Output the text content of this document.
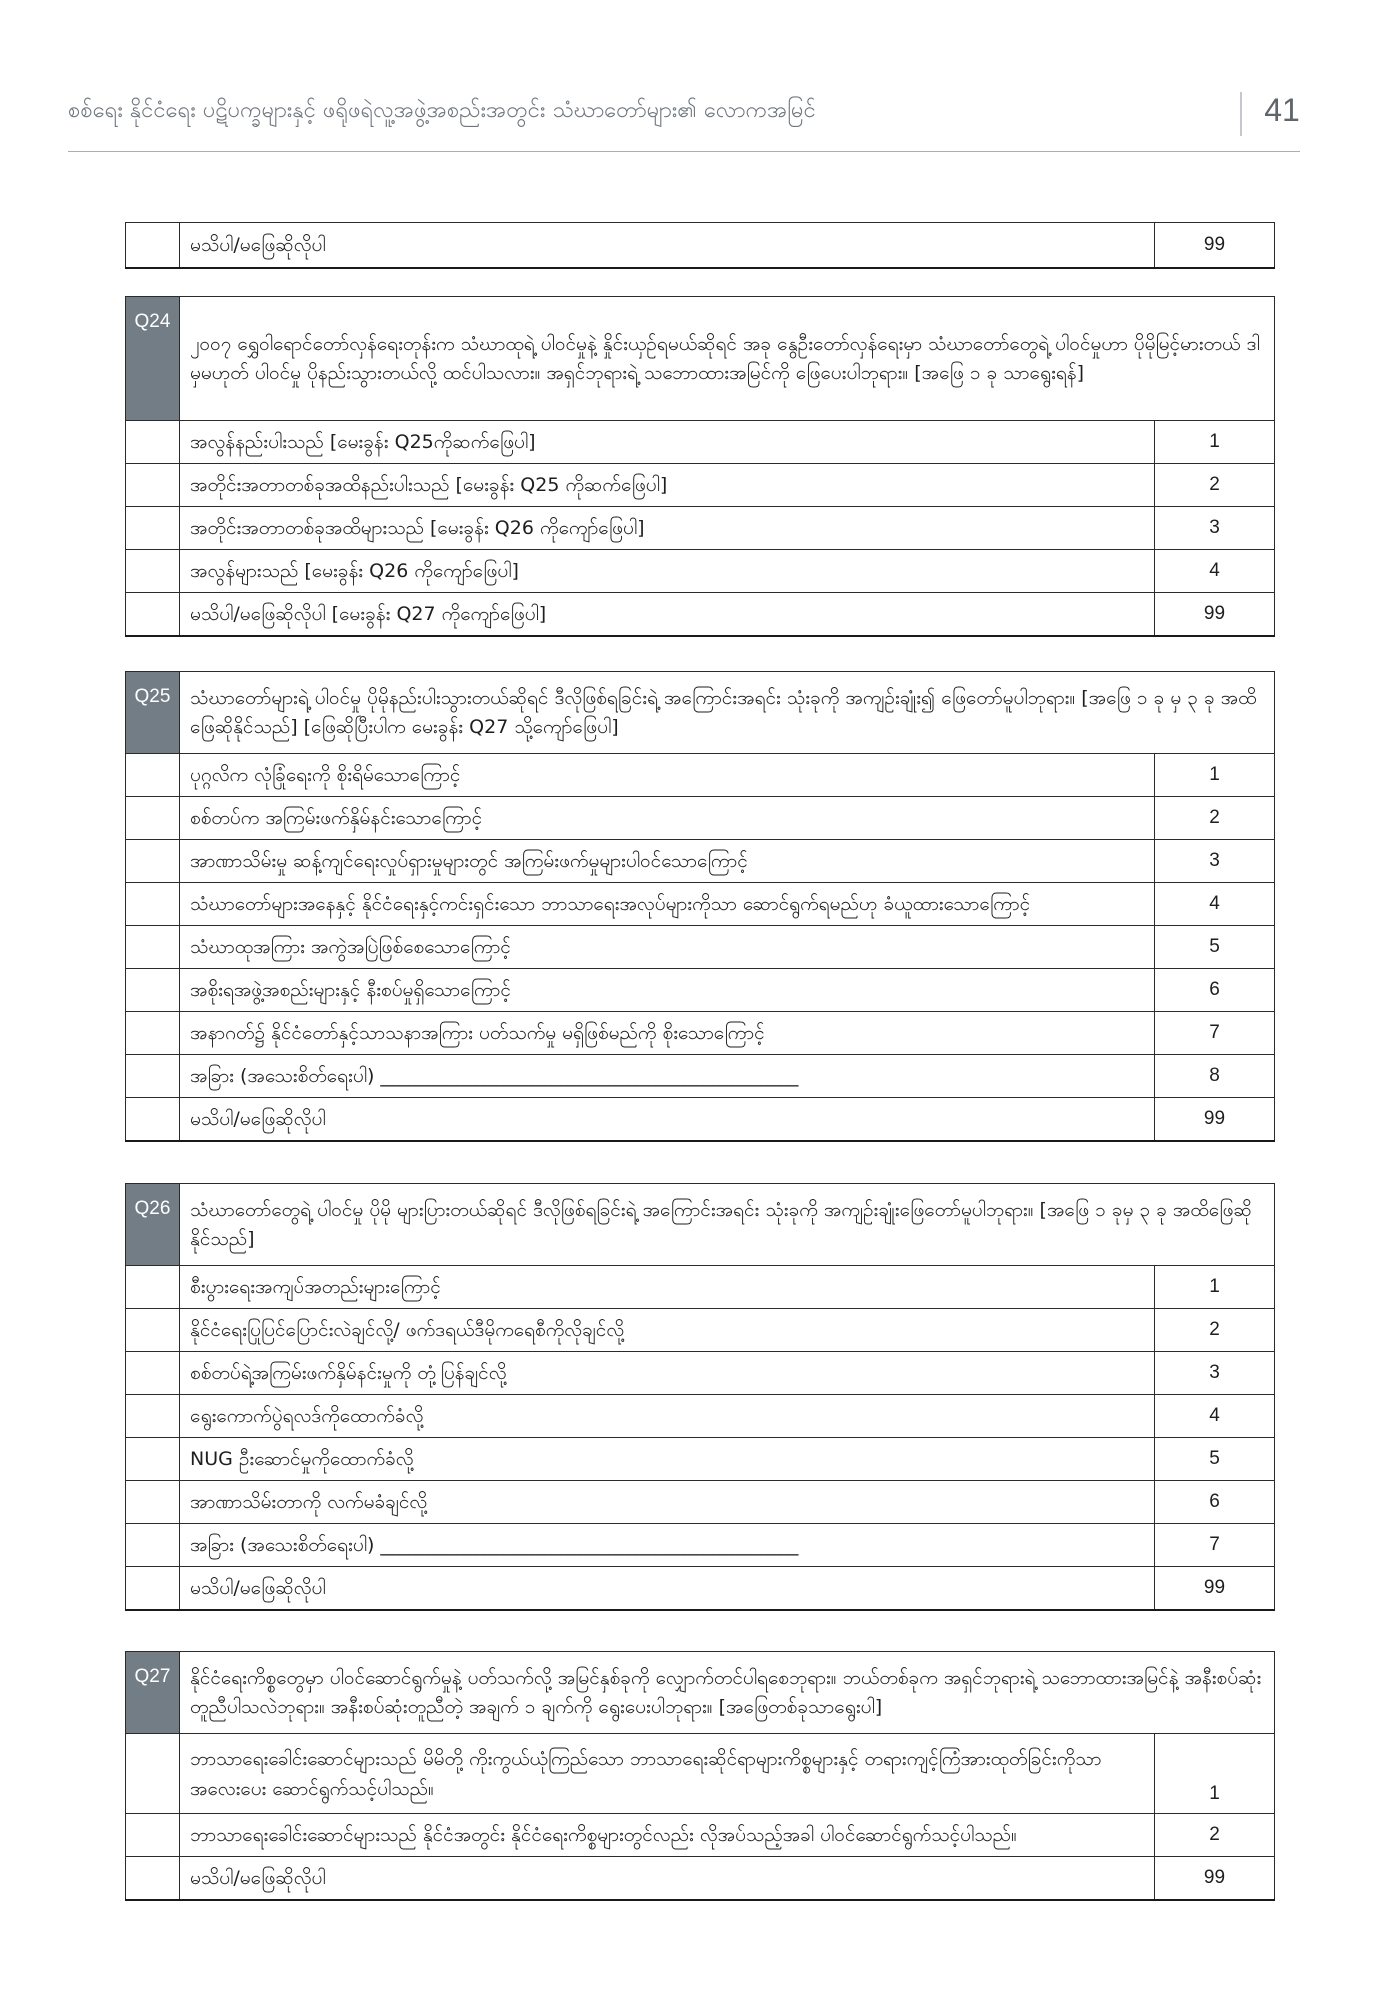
စစ်ရေး နိုင်ငံရေး ပဋိပက္ခများနှင့် ဖရိုဖရဲလူ့အဖွဲ့အစည်းအတွင်း သံဃာတော်များ၏ လောကအမြင်	41
	မသိပါ/မဖြေဆိုလိုပါ	99
Q24	၂၀၀၇ ရွှေဝါရောင်တော်လှန်ရေးတုန်းက သံဃာထုရဲ့ ပါဝင်မှုနဲ့ နှိုင်းယှဉ်ရမယ်ဆိုရင် အခု နွေဦးတော်လှန်ရေးမှာ သံဃာတော်တွေရဲ့ ပါဝင်မှုဟာ ပိုမိုမြင့်မားတယ် ဒါမှမဟုတ် ပါဝင်မှု ပိုနည်းသွားတယ်လို့ ထင်ပါသလား။ အရှင်ဘုရားရဲ့ သဘောထားအမြင်ကို ဖြေပေးပါဘုရား။ [အဖြေ ၁ ခု သာရွေးရန်]	
	အလွန်နည်းပါးသည် [မေးခွန်း Q25ကိုဆက်ဖြေပါ]	1
	အတိုင်းအတာတစ်ခုအထိနည်းပါးသည် [မေးခွန်း Q25 ကိုဆက်ဖြေပါ]	2
	အတိုင်းအတာတစ်ခုအထိများသည် [မေးခွန်း Q26 ကိုကျော်ဖြေပါ]	3
	အလွန်များသည် [မေးခွန်း Q26 ကိုကျော်ဖြေပါ]	4
	မသိပါ/မဖြေဆိုလိုပါ [မေးခွန်း Q27 ကိုကျော်ဖြေပါ]	99
Q25	သံဃာတော်များရဲ့ ပါဝင်မှု ပိုမိုနည်းပါးသွားတယ်ဆိုရင် ဒီလိုဖြစ်ရခြင်းရဲ့ အကြောင်းအရင်း သုံးခုကို အကျဉ်းချုံး၍ ဖြေတော်မူပါဘုရား။ [အဖြေ ၁ ခု မှ ၃ ခု အထိဖြေဆိုနိုင်သည်] [ဖြေဆိုပြီးပါက မေးခွန်း Q27 သို့ကျော်ဖြေပါ]	
	ပုဂ္ဂလိက လုံခြုံရေးကို စိုးရိမ်သောကြောင့်	1
	စစ်တပ်က အကြမ်းဖက်နှိမ်နင်းသောကြောင့်	2
	အာဏာသိမ်းမှု ဆန့်ကျင်ရေးလှုပ်ရှားမှုများတွင် အကြမ်းဖက်မှုများပါဝင်သောကြောင့်	3
	သံဃာတော်များအနေနှင့် နိုင်ငံရေးနှင့်ကင်းရှင်းသော ဘာသာရေးအလုပ်များကိုသာ ဆောင်ရွက်ရမည်ဟု ခံယူထားသောကြောင့်	4
	သံဃာထုအကြား အကွဲအပြဲဖြစ်စေသောကြောင့်	5
	အစိုးရအဖွဲ့အစည်းများနှင့် နီးစပ်မှုရှိသောကြောင့်	6
	အနာဂတ်၌ နိုင်ငံတော်နှင့်သာသနာအကြား ပတ်သက်မှု မရှိဖြစ်မည်ကို စိုးသောကြောင့်	7
	အခြား (အသေးစိတ်ရေးပါ) ____________________________________________	8
	မသိပါ/မဖြေဆိုလိုပါ	99
Q26	သံဃာတော်တွေရဲ့ ပါဝင်မှု ပိုမို များပြားတယ်ဆိုရင် ဒီလိုဖြစ်ရခြင်းရဲ့ အကြောင်းအရင်း သုံးခုကို အကျဉ်းချုံးဖြေတော်မူပါဘုရား။ [အဖြေ ၁ ခုမှ ၃ ခု အထိဖြေဆိုနိုင်သည်]	
	စီးပွားရေးအကျပ်အတည်းများကြောင့်	1
	နိုင်ငံရေးပြုပြင်ပြောင်းလဲချင်လို့/ ဖက်ဒရယ်ဒီမိုကရေစီကိုလိုချင်လို့	2
	စစ်တပ်ရဲ့အကြမ်းဖက်နှိမ်နင်းမှုကို တုံ့ပြန်ချင်လို့	3
	ရွေးကောက်ပွဲရလဒ်ကိုထောက်ခံလို့	4
	NUG ဦးဆောင်မှုကိုထောက်ခံလို့	5
	အာဏာသိမ်းတာကို လက်မခံချင်လို့	6
	အခြား (အသေးစိတ်ရေးပါ) ____________________________________________	7
	မသိပါ/မဖြေဆိုလိုပါ	99
Q27	နိုင်ငံရေးကိစ္စတွေမှာ ပါဝင်ဆောင်ရွက်မှုနဲ့ ပတ်သက်လို့ အမြင်နှစ်ခုကို လျှောက်တင်ပါရစေဘုရား။ ဘယ်တစ်ခုက အရှင်ဘုရားရဲ့ သဘောထားအမြင်နဲ့ အနီးစပ်ဆုံး တူညီပါသလဲဘုရား။ အနီးစပ်ဆုံးတူညီတဲ့ အချက် ၁ ချက်ကို ရွေးပေးပါဘုရား။ [အဖြေတစ်ခုသာရွေးပါ]	
	ဘာသာရေးခေါင်းဆောင်များသည် မိမိတို့ ကိုးကွယ်ယုံကြည်သော ဘာသာရေးဆိုင်ရာများကိစ္စများနှင့် တရားကျင့်ကြံအားထုတ်ခြင်းကိုသာ အလေးပေး ဆောင်ရွက်သင့်ပါသည်။	1
	ဘာသာရေးခေါင်းဆောင်များသည် နိုင်ငံအတွင်း နိုင်ငံရေးကိစ္စများတွင်လည်း လိုအပ်သည့်အခါ ပါဝင်ဆောင်ရွက်သင့်ပါသည်။	2
	မသိပါ/မဖြေဆိုလိုပါ	99
